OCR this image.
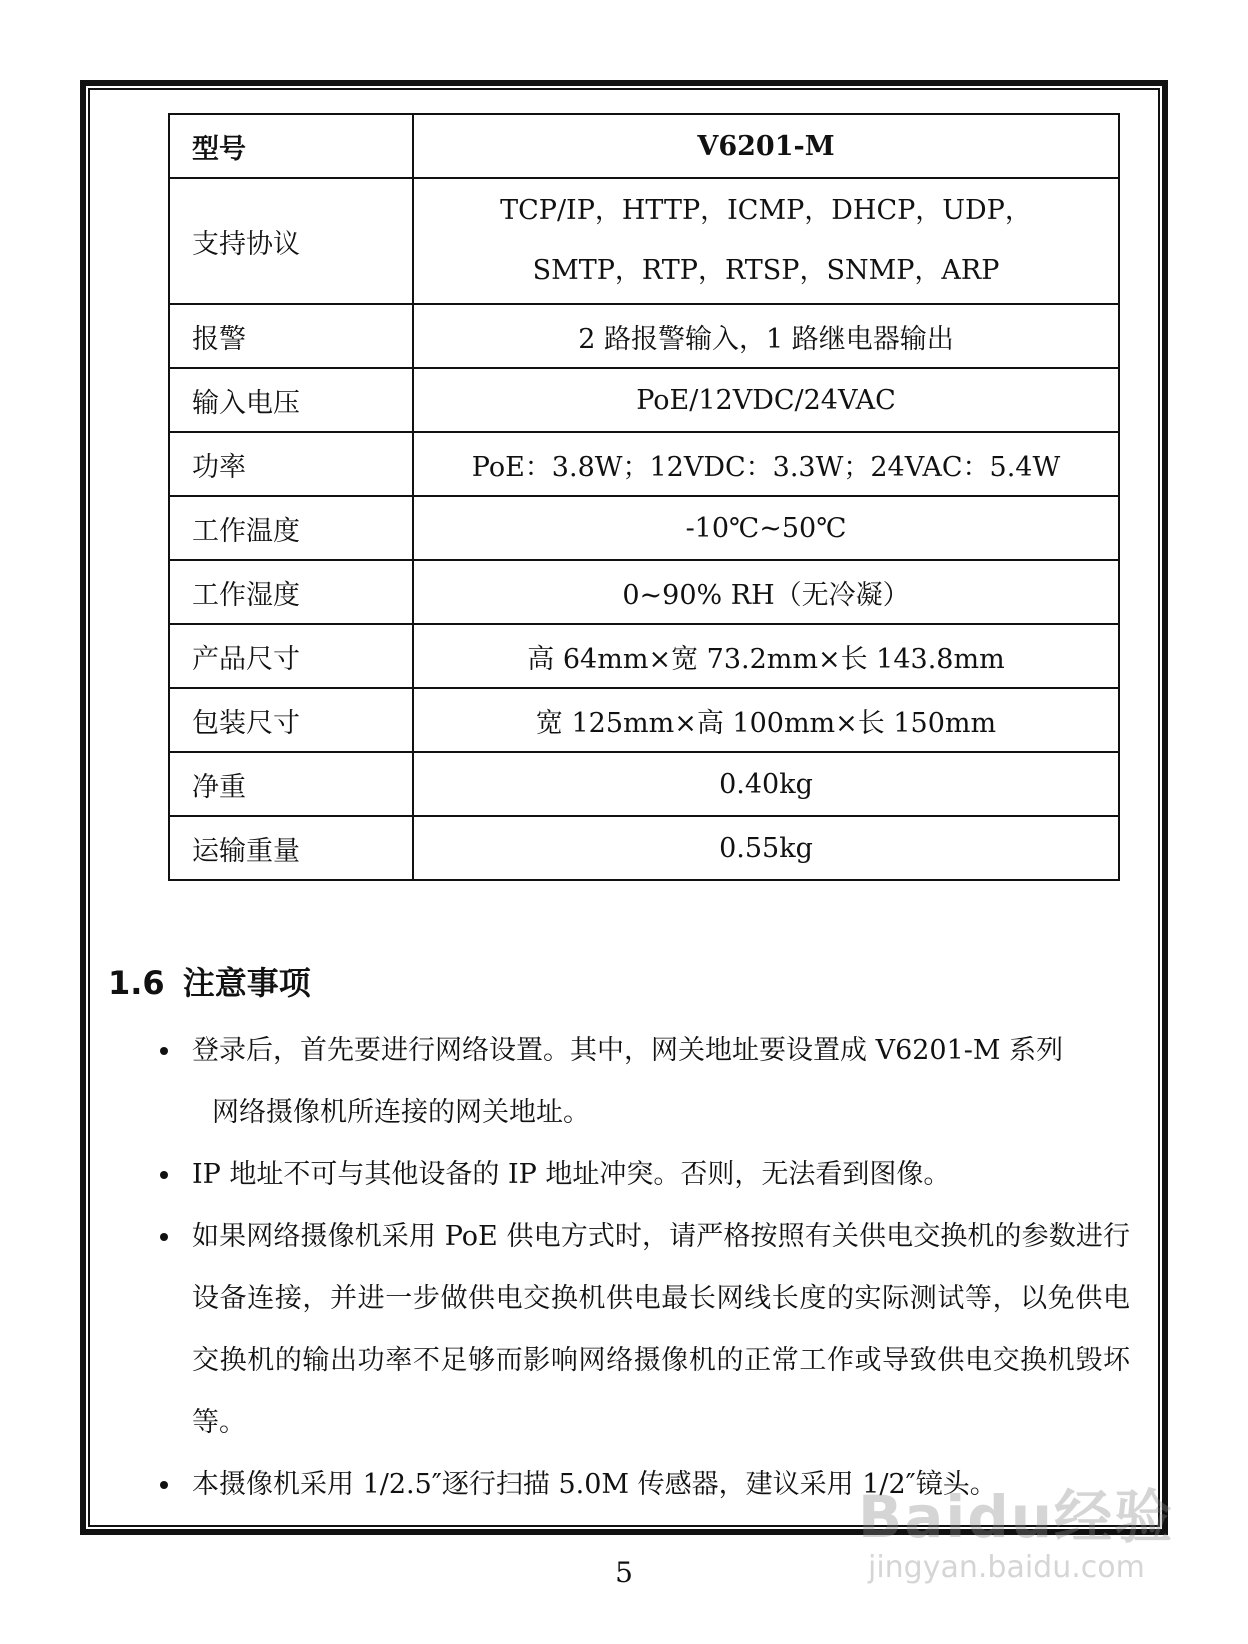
型号	V6201-M
支持协议	TCP/IP，HTTP，ICMP，DHCP，UDP，
SMTP，RTP，RTSP，SNMP，ARP

报警	2 路报警输入，1 路继电器输出
输入电压	PoE/12VDC/24VAC
功率	PoE：3.8W；12VDC：3.3W；24VAC：5.4W
工作温度	-10℃~50℃
工作湿度	0~90% RH（无冷凝）
产品尺寸	高 64mm×宽 73.2mm×长 143.8mm
包装尺寸	宽 125mm×高 100mm×长 150mm
净重	0.40kg
运输重量	0.55kg
1.6 注意事项
登录后，首先要进行网络设置。其中，网关地址要设置成 V6201-M 系列
网络摄像机所连接的网关地址。
IP 地址不可与其他设备的 IP 地址冲突。否则，无法看到图像。
如果网络摄像机采用 PoE 供电方式时，请严格按照有关供电交换机的参数进行设备连接，并进一步做供电交换机供电最长网线长度的实际测试等，以免供电交换机的输出功率不足够而影响网络摄像机的正常工作或导致供电交换机毁坏等。
本摄像机采用 1/2.5″逐行扫描 5.0M 传感器，建议采用 1/2″镜头。
Baidu经验
jingyan.baidu.com
5
